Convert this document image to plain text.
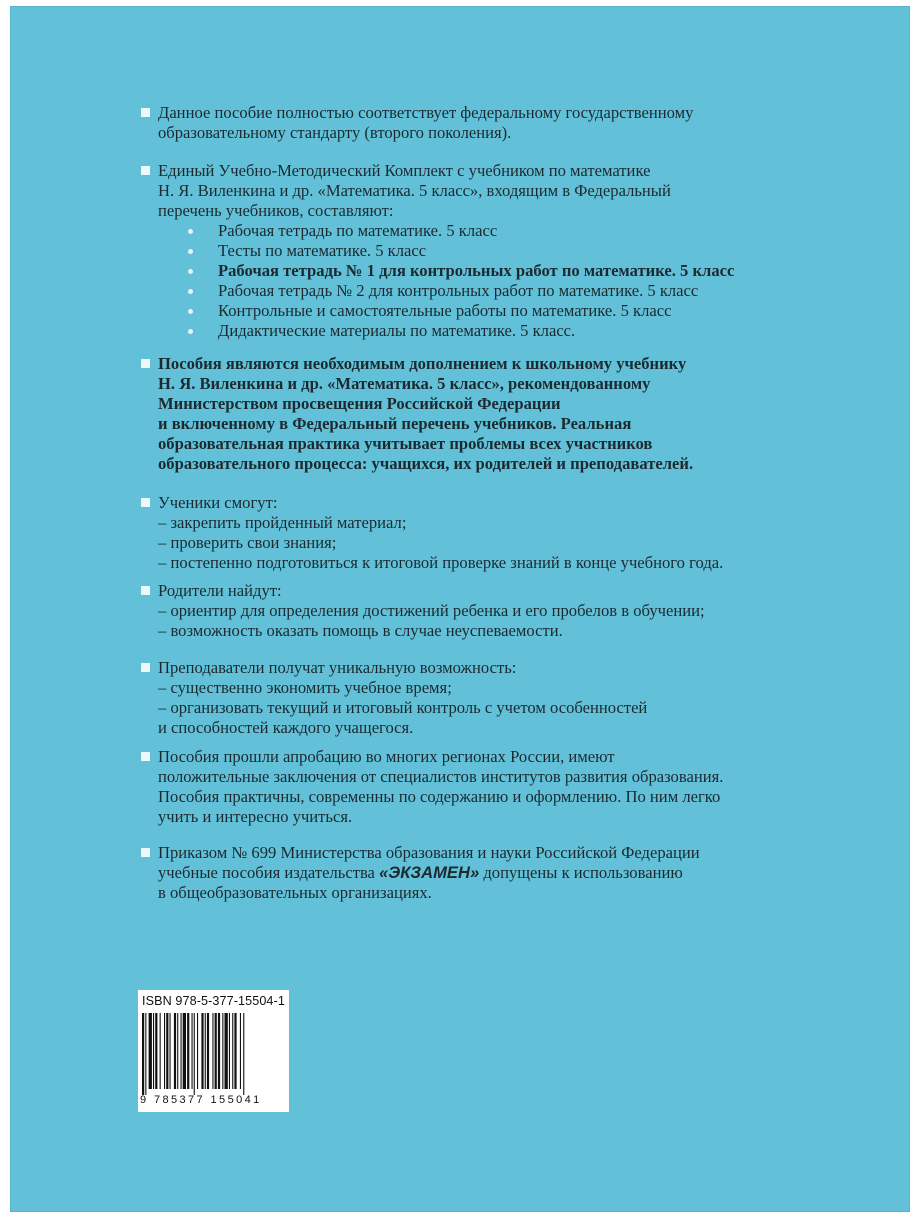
Данное пособие полностью соответствует федеральному государственному
образовательному стандарту (второго поколения).
Единый Учебно-Методический Комплект с учебником по математике
Н. Я. Виленкина и др. «Математика. 5 класс», входящим в Федеральный
перечень учебников, составляют:
Рабочая тетрадь по математике. 5 класс
Тесты по математике. 5 класс
Рабочая тетрадь № 1 для контрольных работ по математике. 5 класс
Рабочая тетрадь № 2 для контрольных работ по математике. 5 класс
Контрольные и самостоятельные работы по математике. 5 класс
Дидактические материалы по математике. 5 класс.
Пособия являются необходимым дополнением к школьному учебнику
Н. Я. Виленкина и др. «Математика. 5 класс», рекомендованному
Министерством просвещения Российской Федерации
и включенному в Федеральный перечень учебников. Реальная
образовательная практика учитывает проблемы всех участников
образовательного процесса: учащихся, их родителей и преподавателей.
Ученики смогут:
– закрепить пройденный материал;
– проверить свои знания;
– постепенно подготовиться к итоговой проверке знаний в конце учебного года.
Родители найдут:
– ориентир для определения достижений ребенка и его пробелов в обучении;
– возможность оказать помощь в случае неуспеваемости.
Преподаватели получат уникальную возможность:
– существенно экономить учебное время;
– организовать текущий и итоговый контроль с учетом особенностей
и способностей каждого учащегося.
Пособия прошли апробацию во многих регионах России, имеют
положительные заключения от специалистов институтов развития образования.
Пособия практичны, современны по содержанию и оформлению. По ним легко
учить и интересно учиться.
Приказом № 699 Министерства образования и науки Российской Федерации
учебные пособия издательства «ЭКЗАМЕН» допущены к использованию
в общеобразовательных организациях.
ISBN 978-5-377-15504-1
9 785377 155041
